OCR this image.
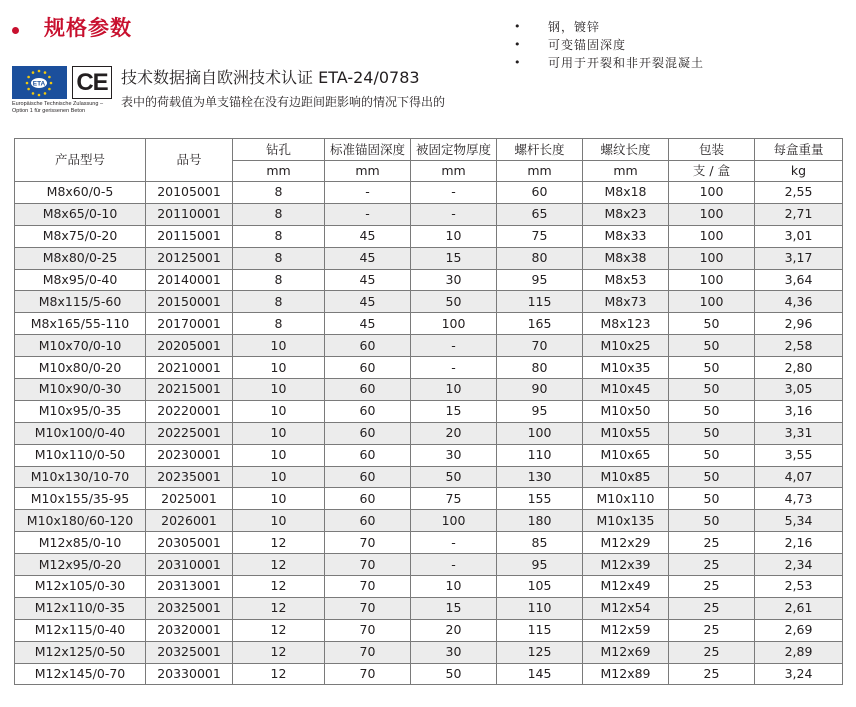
规格参数	• 钢，镀锌
• 可变锚固深度
• 可用于开裂和非开裂混凝土
ETA CE
Europäische Technische Zulassung –
Option 1 für gerissenen Beton
技术数据摘自欧洲技术认证 ETA-24/0783
表中的荷载值为单支锚栓在没有边距间距影响的情况下得出的
产品型号	品号	钻孔	标准锚固深度	被固定物厚度	螺杆长度	螺纹长度	包装	每盒重量
		mm	mm	mm	mm	mm	支 / 盒	kg
M8x60/0-5	20105001	8	-	-	60	M8x18	100	2,55
M8x65/0-10	20110001	8	-	-	65	M8x23	100	2,71
M8x75/0-20	20115001	8	45	10	75	M8x33	100	3,01
M8x80/0-25	20125001	8	45	15	80	M8x38	100	3,17
M8x95/0-40	20140001	8	45	30	95	M8x53	100	3,64
M8x115/5-60	20150001	8	45	50	115	M8x73	100	4,36
M8x165/55-110	20170001	8	45	100	165	M8x123	50	2,96
M10x70/0-10	20205001	10	60	-	70	M10x25	50	2,58
M10x80/0-20	20210001	10	60	-	80	M10x35	50	2,80
M10x90/0-30	20215001	10	60	10	90	M10x45	50	3,05
M10x95/0-35	20220001	10	60	15	95	M10x50	50	3,16
M10x100/0-40	20225001	10	60	20	100	M10x55	50	3,31
M10x110/0-50	20230001	10	60	30	110	M10x65	50	3,55
M10x130/10-70	20235001	10	60	50	130	M10x85	50	4,07
M10x155/35-95	2025001	10	60	75	155	M10x110	50	4,73
M10x180/60-120	2026001	10	60	100	180	M10x135	50	5,34
M12x85/0-10	20305001	12	70	-	85	M12x29	25	2,16
M12x95/0-20	20310001	12	70	-	95	M12x39	25	2,34
M12x105/0-30	20313001	12	70	10	105	M12x49	25	2,53
M12x110/0-35	20325001	12	70	15	110	M12x54	25	2,61
M12x115/0-40	20320001	12	70	20	115	M12x59	25	2,69
M12x125/0-50	20325001	12	70	30	125	M12x69	25	2,89
M12x145/0-70	20330001	12	70	50	145	M12x89	25	3,24
